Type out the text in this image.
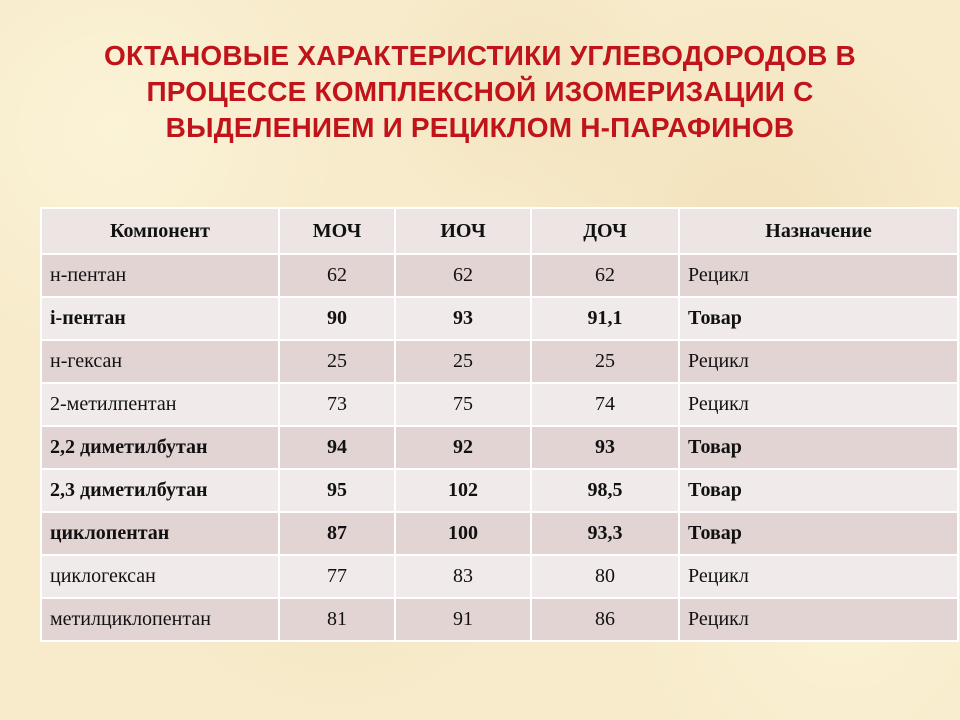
ОКТАНОВЫЕ ХАРАКТЕРИСТИКИ УГЛЕВОДОРОДОВ В
ПРОЦЕССЕ КОМПЛЕКСНОЙ ИЗОМЕРИЗАЦИИ С
ВЫДЕЛЕНИЕМ И РЕЦИКЛОМ Н-ПАРАФИНОВ
Компонент	МОЧ	ИОЧ	ДОЧ	Назначение
н-пентан	62	62	62	Рецикл
i-пентан	90	93	91,1	Товар
н-гексан	25	25	25	Рецикл
2-метилпентан	73	75	74	Рецикл
2,2 диметилбутан	94	92	93	Товар
2,3 диметилбутан	95	102	98,5	Товар
циклопентан	87	100	93,3	Товар
циклогексан	77	83	80	Рецикл
метилциклопентан	81	91	86	Рецикл
